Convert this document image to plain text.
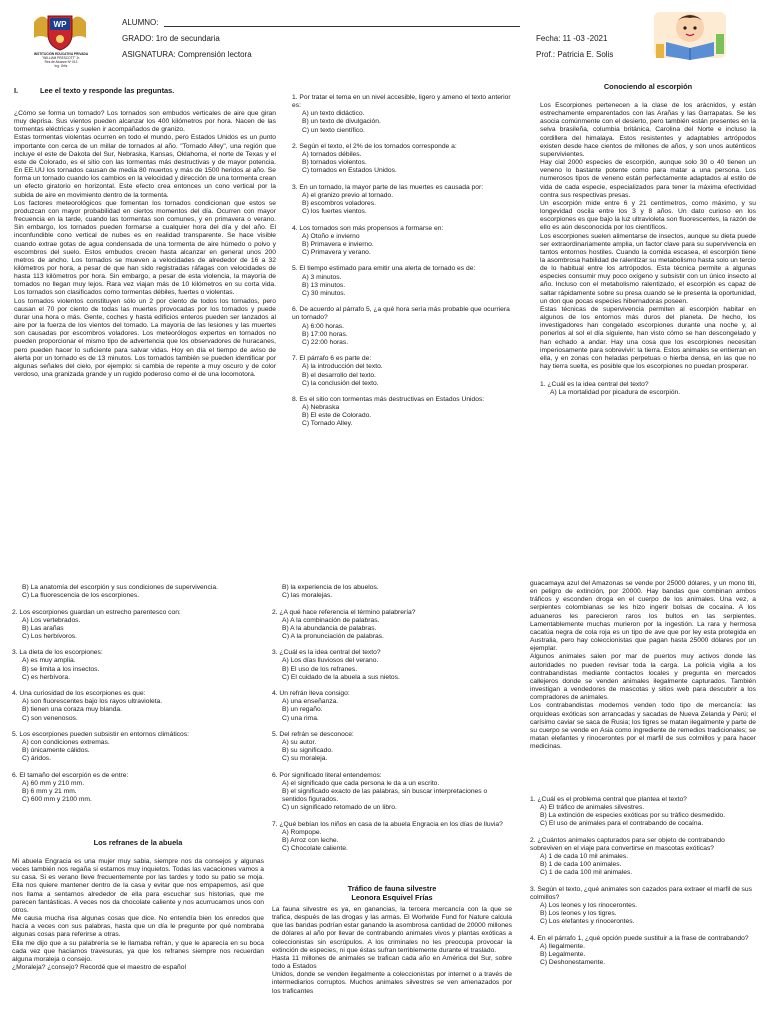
WP
INSTITUCIÓN EDUCATIVA PRIVADA
"WILLIAM PRESCOTT" Jr.
Res de Alcance Nº 013
Ing. Ortiz
ALUMNO:
GRADO: 1ro de secundaria
ASIGNATURA: Comprensión lectora
Fecha: 11 -03 -2021
Prof.: Patricia E. Solis
I.	Lee el texto y responde las preguntas.

¿Cómo se forma un tornado? Los tornados son embudos verticales de aire que giran muy deprisa. Sus vientos pueden alcanzar los 400 kilómetros por hora. Nacen de las tormentas eléctricas y suelen ir acompañados de granizo.

Estas tormentas violentas ocurren en todo el mundo, pero Estados Unidos es un punto importante con cerca de un millar de tornados al año. "Tornado Alley", una región que incluye el este de Dakota del Sur, Nebraska, Kansas, Oklahoma, el norte de Texas y el este de Colorado, es el sitio con las tormentas más destructivas y de mayor potencia. En EE.UU los tornados causan de media 80 muertos y más de 1500 heridos al año. Se forma un tornado cuando los cambios en la velocidad y dirección de una tormenta crean un efecto giratorio en horizontal. Este efecto crea entonces un cono vertical por la subida de aire en movimiento dentro de la tormenta.

Los factores meteorológicos que fomentan los tornados condicionan que estos se produzcan con mayor probabilidad en ciertos momentos del día. Ocurren con mayor frecuencia en la tarde, cuando las tormentas son comunes, y en primavera o verano. Sin embargo, los tornados pueden formarse a cualquier hora del día y del año. El inconfundible cono vertical de nubes es en realidad transparente. Se hace visible cuando extrae gotas de agua condensada de una tormenta de aire húmedo o polvo y escombros del suelo. Estos embudos crecen hasta alcanzar en general unos 200 metros de ancho. Los tornados se mueven a velocidades de alrededor de 16 a 32 kilómetros por hora, a pesar de que han sido registradas ráfagas con velocidades de hasta 113 kilómetros por hora. Sin embargo, a pesar de esta violencia, la mayoría de tornados no llegan muy lejos. Rara vez viajan más de 10 kilómetros en su corta vida. Los tornados son clasificados como tormentas débiles, fuertes o violentas.

Los tornados violentos constituyen sólo un 2 por ciento de todos los tornados, pero causan el 70 por ciento de todas las muertes provocadas por los tornados y puede durar una hora o más. Gente, coches y hasta edificios enteros pueden ser lanzados al aire por la fuerza de los vientos del tornado. La mayoría de las lesiones y las muertes son causadas por escombros voladores. Los meteorólogos expertos en tornados no pueden proporcionar el mismo tipo de advertencia que los observadores de huracanes, pero pueden hacer lo suficiente para salvar vidas. Hoy en día el tiempo de aviso de alerta por un tornado es de 13 minutos. Los tornados también se pueden identificar por algunas señales del cielo, por ejemplo: si cambia de repente a muy oscuro y de color verdoso, una granizada grande y un rugido poderoso como el de una locomotora.

1. Por tratar el tema en un nivel accesible, ligero y ameno el texto anterior es:
A) un texto didáctico.
B) un texto de divulgación.
C) un texto científico.
2. Según el texto, el 2% de los tornados corresponde a:
A) tornados débiles.
B) tornados violentos.
C) tornados en Estados Unidos.
3. En un tornado, la mayor parte de las muertes es causada por:
A) el granizo previo al tornado.
B) escombros voladores.
C) los fuertes vientos.
4. Los tornados son más propensos a formarse en:
A) Otoño e invierno
B) Primavera e invierno.
C) Primavera y verano.
5. El tiempo estimado para emitir una alerta de tornado es de:
A) 3 minutos.
B) 13 minutos.
C) 30 minutos.
6. De acuerdo al párrafo 5, ¿a qué hora sería más probable que ocurriera un tornado?
A) 6:00 horas.
B) 17:00 horas.
C) 22:00 horas.
7. El párrafo 6 es parte de:
A) la introducción del texto.
B) el desarrollo del texto.
C) la conclusión del texto.
8. Es el sitio con tormentas más destructivas en Estados Unidos:
A) Nebraska
B) El este de Colorado.
C) Tornado Alley.
Conociendo al escorpión

Los Escorpiones pertenecen a la clase de los arácnidos, y están estrechamente emparentados con las Arañas y las Garrapatas. Se les asocia comúnmente con el desierto, pero también están presentes en la selva brasileña, columbia británica, Carolina del Norte e incluso la cordillera del himalaya. Estos resistentes y adaptables artrópodos existen desde hace cientos de millones de años, y son unos auténticos supervivientes.

Hay cial 2000 especies de escorpión, aunque solo 30 o 40 tienen un veneno lo bastante potente como para matar a una persona. Los numerosos tipos de veneno están perfectamente adaptados al estilo de vida de cada especie, especializados para tener la máxima efectividad contra sus respectivas presas.

Un escorpión mide entre 6 y 21 centímetros, como máximo, y su longevidad oscila entre los 3 y 8 años. Un dato curioso en los escorpiones es que bajo la luz ultravioleta son fluorescentes, la razón de ello es aún desconocida por los científicos.

Los escorpiones suelen alimentarse de insectos, aunque su dieta puede ser extraordinariamente amplia, un factor clave para su supervivencia en tantos entornos hostiles. Cuando la comida escasea, el escorpión tiene la asombrosa habilidad de ralentizar su metabolismo hasta solo un tercio de lo habitual entre los artrópodos. Esta técnica permite a algunas especies consumir muy poco oxígeno y subsistir con un único insecto al año. Incluso con el metabolismo ralentizado, el escorpión es capaz de saltar rápidamente sobre su presa cuando se le presenta la oportunidad, un don que pocas especies hibernadoras poseen.

Estas técnicas de supervivencia permiten al escorpión habitar en algunos de los entornos más duros del planeta. De hecho, los investigadores han congelado escorpiones durante una noche y, al ponerlos al sol el día siguiente, han visto cómo se han descongelado y han echado a andar. Hay una cosa que los escorpiones necesitan imperiosamente para sobrevivir: la tierra. Estos animales se entierran en ella, y en zonas con heladas perpetuas o hierba densa, en las que no hay tierra suelta, es posible que los escorpiones no puedan prosperar.

1. ¿Cuál es la idea central del texto?
A) La mortalidad por picadura de escorpión.
B) La anatomía del escorpión y sus condiciones de supervivencia.
C) La fluorescencia de los escorpiones.
2. Los escorpiones guardan un estrecho parentesco con:
A) Los vertebrados.
B) Las arañas
C) Los herbívoros.
3. La dieta de los escorpiones:
A) es muy amplia.
B) se limita a los insectos.
C) es herbívora.
4. Una curiosidad de los escorpiones es que:
A) son fluorescentes bajo los rayos ultravioleta.
B) tienen una coraza muy blanda.
C) son venenosos.
5. Los escorpiones pueden subsistir en entornos climáticos:
A) con condiciones extremas.
B) únicamente cálidos.
C) áridos.
6. El tamaño del escorpión es de entre:
A) 60 mm y 210 mm.
B) 6 mm y 21 mm.
C) 600 mm y 2100 mm.
Los refranes de la abuela

Mi abuela Engracia es una mujer muy sabia, siempre nos da consejos y algunas veces también nos regaña si estamos muy inquietos. Todas las vacaciones vamos a su casa. Si es verano lleve frecuentemente por las tardes y todo su patio se moja. Ella nos quiere mantener dentro de la casa y evitar que nos empapemos, así que nos llama a sentarnos alrededor de ella para escuchar sus historias, que me parecen fantásticas. A veces nos da chocolate caliente y nos acurrucamos unos con otros.

Me causa mucha risa algunas cosas que dice. No entendía bien los enredos que hacía a veces con sus palabras, hasta que un día le pregunte por qué nombraba algunas cosas para referirse a otras.

Ella me dijo que a su palabrería se le llamaba refrán, y que le aparecía en su boca cada vez que hacíamos travesuras, ya que los refranes siempre nos recuerdan alguna moraleja o consejo.

¿Moraleja? ¿consejo? Recordé que el maestro de español

B) la experiencia de los abuelos.
C) las moralejas.
2. ¿A qué hace referencia el término palabrería?
A) A la combinación de palabras.
B) A la abundancia de palabras.
C) A la pronunciación de palabras.
3. ¿Cuál es la idea central del texto?
A) Los días lluviosos del verano.
B) El uso de los refranes.
C) El cuidado de la abuela a sus nietos.
4. Un refrán lleva consigo:
A) una enseñanza.
B) un regaño.
C) una rima.
5. Del refrán se desconoce:
A) su autor.
B) su significado.
C) su moraleja.
6. Por significado literal entendemos:
A) el significado que cada persona le da a un escrito.
B) el significado exacto de las palabras, sin buscar interpretaciones o sentidos figurados.
C) un significado retomado de un libro.
7. ¿Qué bebían los niños en casa de la abuela Engracia en los días de lluvia?
A) Rompope.
B) Arroz con leche.
C) Chocolate caliente.
Tráfico de fauna silvestre
Leonora Esquivel Frías

La fauna silvestre es ya, en ganancias, la tercera mercancía con la que se trafica, después de las drogas y las armas. El Worlwide Fund for Nature calcula que las bandas podrían estar ganando la asombrosa cantidad de 20000 millones de dólares al año por llevar de contrabando animales vivos y plantas exóticas a coleccionistas sin escrúpulos. A los criminales no les preocupa provocar la extinción de especies, ni que éstas sufran terriblemente durante el traslado.

Hasta 11 millones de animales se trafican cada año en América del Sur, sobre todo a Estados

Unidos, donde se venden ilegalmente a coleccionistas por internet o a través de intermediarios corruptos. Muchos animales silvestres se ven amenazados por los traficantes

guacamaya azul del Amazonas se vende por 25000 dólares, y un mono titi, en peligro de extinción, por 20000. Hay bandas que combinan ambos tráficos y esconden droga en el cuerpo de los animales. Una vez, a serpientes colombianas se les hizo ingerir bolsas de cocaína. A los aduaneros les parecieron raros los bultos en las serpientes. Lamentablemente muchas murieron por la ingestión. La rara y hermosa cacatúa negra de cola roja es un tipo de ave que por ley esta protegida en Australia, pero hay coleccionistas que pagan hasta 25000 dólares por un ejemplar.

Algunos animales salen por mar de puertos muy activos donde las autoridades no pueden revisar toda la carga. La policía vigila a los contrabandistas mediante contactos locales y pregunta en mercados callejeros donde se venden animales ilegalmente capturados. También investigan a vendedores de mascotas y sitios web para descubrir a los compradores de animales.

Los contrabandistas modernos venden todo tipo de mercancía: las orquídeas exóticas son arrancadas y sacadas de Nueva Zelanda y Perú; el carísimo caviar se saca de Rusia; los tigres se matan ilegalmente y parte de su cuerpo se vende en Asia como ingrediente de remedios tradicionales; se matan elefantes y rinocerontes por el marfil de sus colmillos y para hacer medicinas.

1. ¿Cuál es el problema central que plantea el texto?
A) El tráfico de animales silvestres.
B) La extinción de especies exóticas por su tráfico desmedido.
C) El uso de animales para el contrabando de cocaína.
2. ¿Cuántos animales capturados para ser objeto de contrabando sobreviven en el viaje para convertirse en mascotas exóticas?
A) 1 de cada 10 mil animales.
B) 1 de cada 100 animales.
C) 1 de cada 100 mil animales.
3. Según el texto, ¿qué animales son cazados para extraer el marfil de sus colmillos?
A) Los leones y los rinocerontes.
B) Los leones y los tigres.
C) Los elefantes y rinocerontes.
4. En el párrafo 1, ¿qué opción puede sustituir a la frase de contrabando?
A) Ilegalmente.
B) Legalmente.
C) Deshonestamente.
